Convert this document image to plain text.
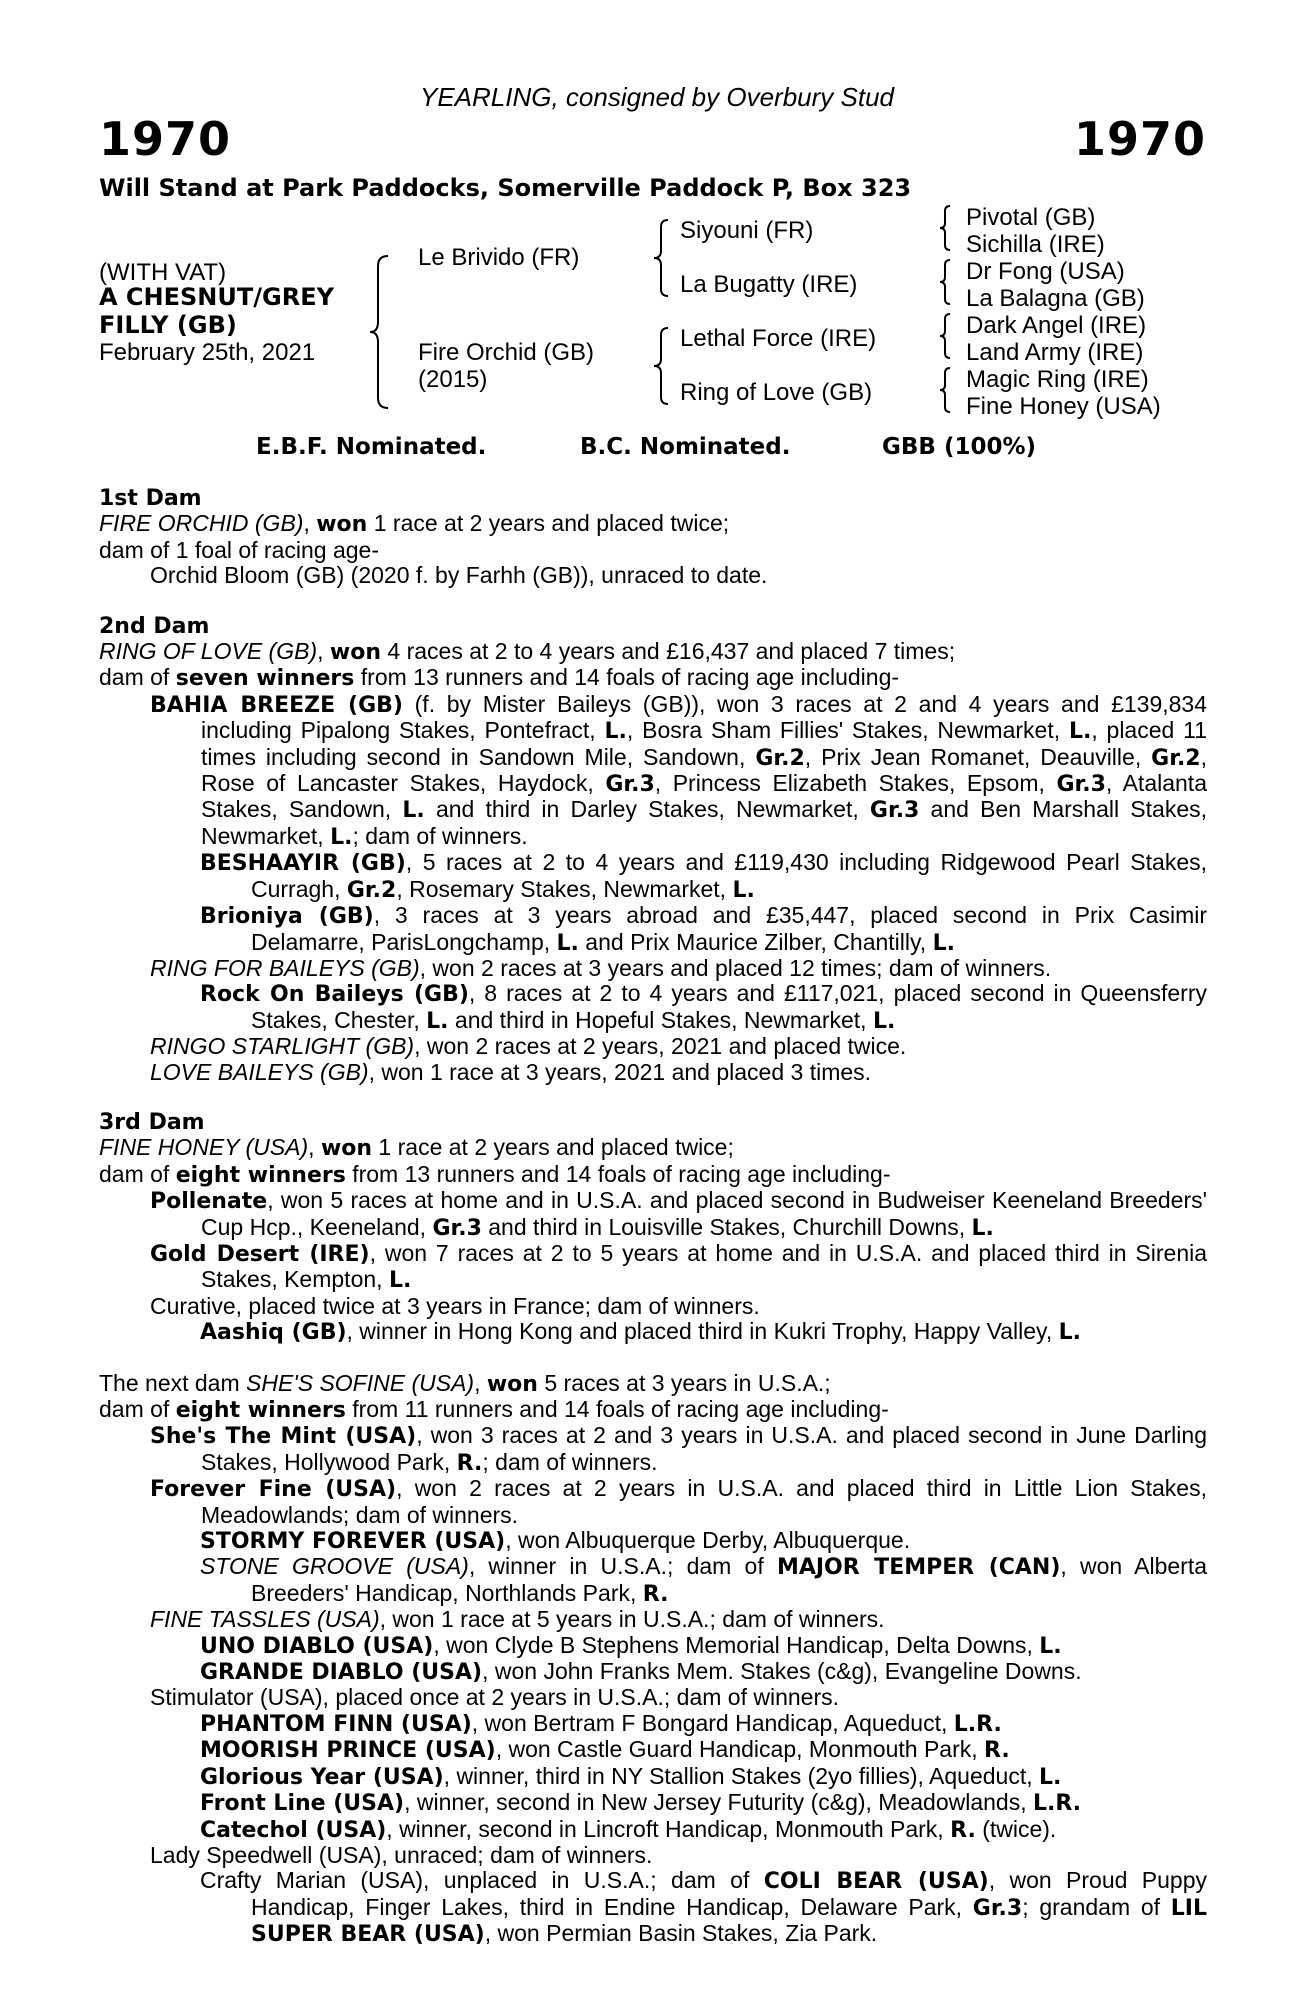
YEARLING, consigned by Overbury Stud
1970	1970
Will Stand at Park Paddocks, Somerville Paddock P, Box 323
(WITH VAT)
A CHESNUT/GREY
FILLY (GB)
February 25th, 2021
Le Brivido (FR)
Fire Orchid (GB)
(2015)
Siyouni (FR)
La Bugatty (IRE)
Lethal Force (IRE)
Ring of Love (GB)
Pivotal (GB)
Sichilla (IRE)
Dr Fong (USA)
La Balagna (GB)
Dark Angel (IRE)
Land Army (IRE)
Magic Ring (IRE)
Fine Honey (USA)
E.B.F. Nominated.	B.C. Nominated.	GBB (100%)
1st Dam
FIRE ORCHID (GB), won 1 race at 2 years and placed twice;
dam of 1 foal of racing age-
Orchid Bloom (GB) (2020 f. by Farhh (GB)), unraced to date.
2nd Dam
RING OF LOVE (GB), won 4 races at 2 to 4 years and £16,437 and placed 7 times;
dam of seven winners from 13 runners and 14 foals of racing age including-
BAHIA BREEZE (GB) (f. by Mister Baileys (GB)), won 3 races at 2 and 4 years and £139,834 including Pipalong Stakes, Pontefract, L., Bosra Sham Fillies' Stakes, Newmarket, L., placed 11 times including second in Sandown Mile, Sandown, Gr.2, Prix Jean Romanet, Deauville, Gr.2, Rose of Lancaster Stakes, Haydock, Gr.3, Princess Elizabeth Stakes, Epsom, Gr.3, Atalanta Stakes, Sandown, L. and third in Darley Stakes, Newmarket, Gr.3 and Ben Marshall Stakes, Newmarket, L.; dam of winners.
BESHAAYIR (GB), 5 races at 2 to 4 years and £119,430 including Ridgewood Pearl Stakes, Curragh, Gr.2, Rosemary Stakes, Newmarket, L.
Brioniya (GB), 3 races at 3 years abroad and £35,447, placed second in Prix Casimir Delamarre, ParisLongchamp, L. and Prix Maurice Zilber, Chantilly, L.
RING FOR BAILEYS (GB), won 2 races at 3 years and placed 12 times; dam of winners.
Rock On Baileys (GB), 8 races at 2 to 4 years and £117,021, placed second in Queensferry Stakes, Chester, L. and third in Hopeful Stakes, Newmarket, L.
RINGO STARLIGHT (GB), won 2 races at 2 years, 2021 and placed twice.
LOVE BAILEYS (GB), won 1 race at 3 years, 2021 and placed 3 times.
3rd Dam
FINE HONEY (USA), won 1 race at 2 years and placed twice;
dam of eight winners from 13 runners and 14 foals of racing age including-
Pollenate, won 5 races at home and in U.S.A. and placed second in Budweiser Keeneland Breeders' Cup Hcp., Keeneland, Gr.3 and third in Louisville Stakes, Churchill Downs, L.
Gold Desert (IRE), won 7 races at 2 to 5 years at home and in U.S.A. and placed third in Sirenia Stakes, Kempton, L.
Curative, placed twice at 3 years in France; dam of winners.
Aashiq (GB), winner in Hong Kong and placed third in Kukri Trophy, Happy Valley, L.
The next dam SHE'S SOFINE (USA), won 5 races at 3 years in U.S.A.;
dam of eight winners from 11 runners and 14 foals of racing age including-
She's The Mint (USA), won 3 races at 2 and 3 years in U.S.A. and placed second in June Darling Stakes, Hollywood Park, R.; dam of winners.
Forever Fine (USA), won 2 races at 2 years in U.S.A. and placed third in Little Lion Stakes, Meadowlands; dam of winners.
STORMY FOREVER (USA), won Albuquerque Derby, Albuquerque.
STONE GROOVE (USA), winner in U.S.A.; dam of MAJOR TEMPER (CAN), won Alberta Breeders' Handicap, Northlands Park, R.
FINE TASSLES (USA), won 1 race at 5 years in U.S.A.; dam of winners.
UNO DIABLO (USA), won Clyde B Stephens Memorial Handicap, Delta Downs, L.
GRANDE DIABLO (USA), won John Franks Mem. Stakes (c&g), Evangeline Downs.
Stimulator (USA), placed once at 2 years in U.S.A.; dam of winners.
PHANTOM FINN (USA), won Bertram F Bongard Handicap, Aqueduct, L.R.
MOORISH PRINCE (USA), won Castle Guard Handicap, Monmouth Park, R.
Glorious Year (USA), winner, third in NY Stallion Stakes (2yo fillies), Aqueduct, L.
Front Line (USA), winner, second in New Jersey Futurity (c&g), Meadowlands, L.R.
Catechol (USA), winner, second in Lincroft Handicap, Monmouth Park, R. (twice).
Lady Speedwell (USA), unraced; dam of winners.
Crafty Marian (USA), unplaced in U.S.A.; dam of COLI BEAR (USA), won Proud Puppy Handicap, Finger Lakes, third in Endine Handicap, Delaware Park, Gr.3; grandam of LIL SUPER BEAR (USA), won Permian Basin Stakes, Zia Park.
